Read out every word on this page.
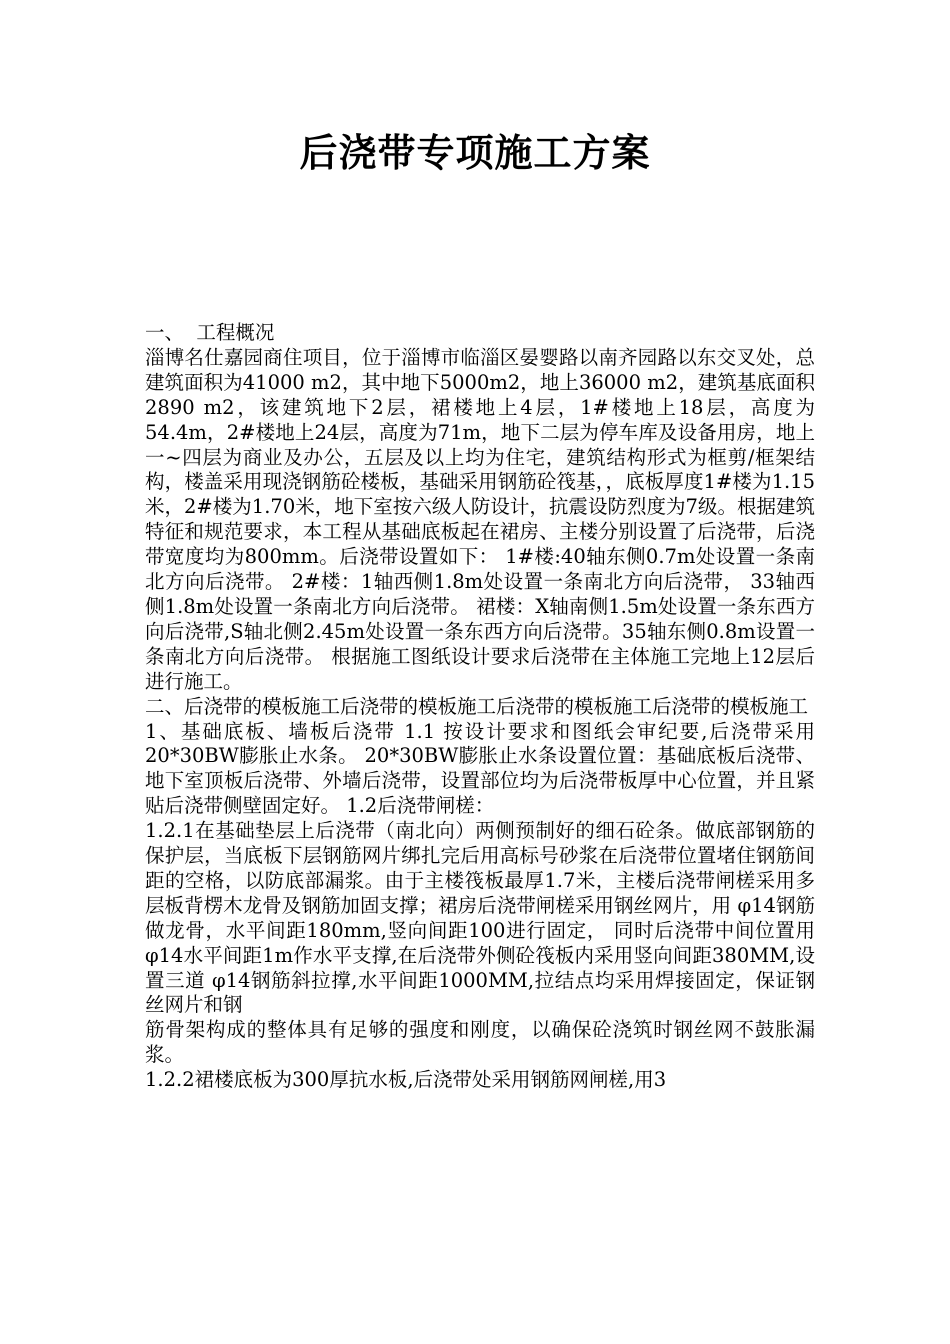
后浇带专项施工方案

一、  工程概况

淄博名仕嘉园商住项目，位于淄博市临淄区晏婴路以南齐园路以东交叉处，总建筑面积为41000 m2，其中地下5000m2，地上36000 m2，建筑基底面积2890 m2，该建筑地下2层，裙楼地上4层，1#楼地上18层，高度为54.4m，2#楼地上24层，高度为71m，地下二层为停车库及设备用房，地上一~四层为商业及办公，五层及以上均为住宅，建筑结构形式为框剪/框架结构，楼盖采用现浇钢筋砼楼板，基础采用钢筋砼筏基，，底板厚度1#楼为1.15米，2#楼为1.70米，地下室按六级人防设计，抗震设防烈度为7级。根据建筑特征和规范要求，本工程从基础底板起在裙房、主楼分别设置了后浇带，后浇带宽度均为800mm。后浇带设置如下： 1#楼:40轴东侧0.7m处设置一条南北方向后浇带。 2#楼：1轴西侧1.8m处设置一条南北方向后浇带， 33轴西侧1.8m处设置一条南北方向后浇带。 裙楼：X轴南侧1.5m处设置一条东西方向后浇带,S轴北侧2.45m处设置一条东西方向后浇带。35轴东侧0.8m设置一条南北方向后浇带。 根据施工图纸设计要求后浇带在主体施工完地上12层后进行施工。

二、后浇带的模板施工后浇带的模板施工后浇带的模板施工后浇带的模板施工

1、基础底板、墙板后浇带 1.1 按设计要求和图纸会审纪要,后浇带采用20*30BW膨胀止水条。 20*30BW膨胀止水条设置位置：基础底板后浇带、地下室顶板后浇带、外墙后浇带，设置部位均为后浇带板厚中心位置，并且紧贴后浇带侧壁固定好。 1.2后浇带闸槎：

1.2.1在基础垫层上后浇带（南北向）两侧预制好的细石砼条。做底部钢筋的保护层，当底板下层钢筋网片绑扎完后用高标号砂浆在后浇带位置堵住钢筋间距的空格，以防底部漏浆。由于主楼筏板最厚1.7米，主楼后浇带闸槎采用多层板背楞木龙骨及钢筋加固支撑；裙房后浇带闸槎采用钢丝网片，用 φ14钢筋做龙骨，水平间距180mm,竖向间距100进行固定， 同时后浇带中间位置用φ14水平间距1m作水平支撑,在后浇带外侧砼筏板内采用竖向间距380MM,设置三道 φ14钢筋斜拉撑,水平间距1000MM,拉结点均采用焊接固定，保证钢丝网片和钢

筋骨架构成的整体具有足够的强度和刚度，以确保砼浇筑时钢丝网不鼓胀漏浆。

1.2.2裙楼底板为300厚抗水板,后浇带处采用钢筋网闸槎,用3
